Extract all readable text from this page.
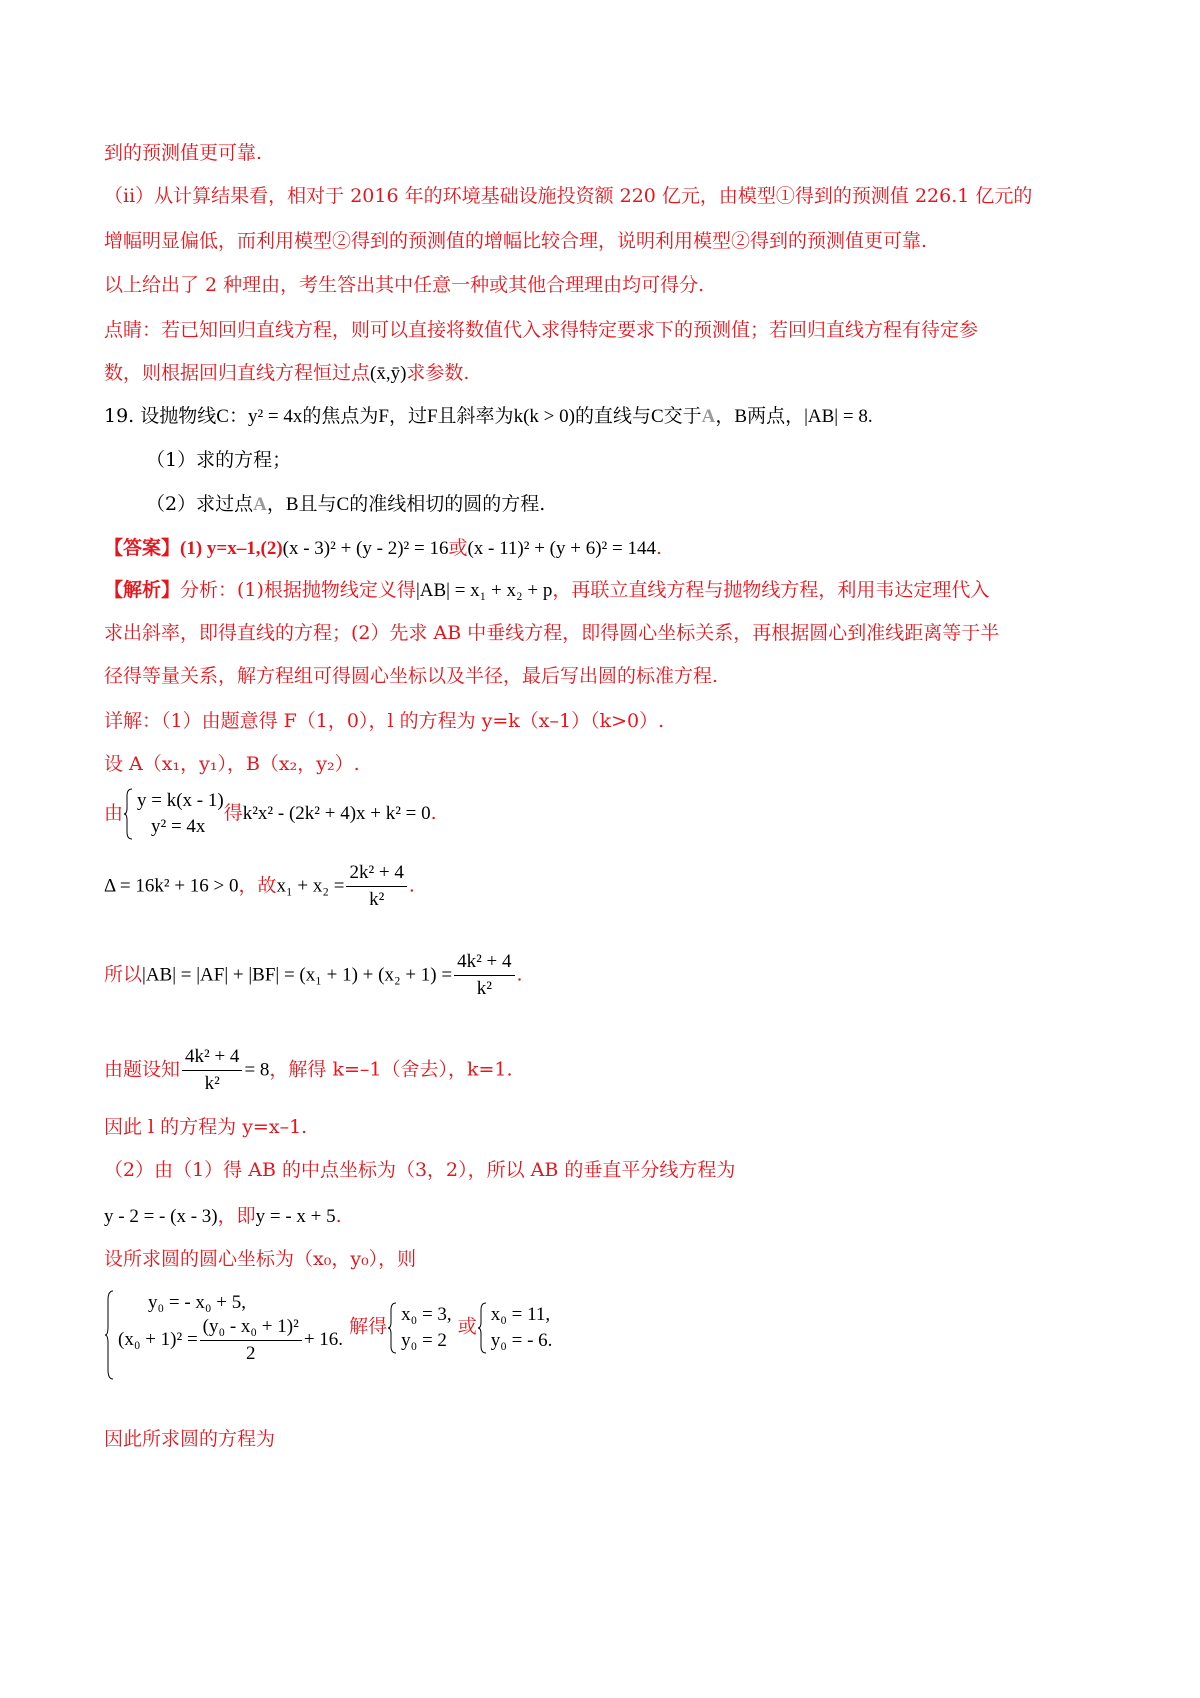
到的预测值更可靠.
（ii）从计算结果看，相对于 2016 年的环境基础设施投资额 220 亿元，由模型①得到的预测值 226.1 亿元的
增幅明显偏低，而利用模型②得到的预测值的增幅比较合理，说明利用模型②得到的预测值更可靠.
以上给出了 2 种理由，考生答出其中任意一种或其他合理理由均可得分.
点睛：若已知回归直线方程，则可以直接将数值代入求得特定要求下的预测值；若回归直线方程有待定参
数，则根据回归直线方程恒过点(x̄,ȳ)求参数.
19. 设抛物线C：y² = 4x的焦点为F，过F且斜率为k(k > 0)的直线与C交于A，B两点，|AB| = 8.
（1）求的方程；
（2）求过点A，B且与C的准线相切的圆的方程.
【答案】(1) y=x–1,(2)(x - 3)² + (y - 2)² = 16或(x - 11)² + (y + 6)² = 144.
【解析】分析：(1)根据抛物线定义得|AB| = x₁ + x₂ + p，再联立直线方程与抛物线方程，利用韦达定理代入
求出斜率，即得直线的方程；(2）先求 AB 中垂线方程，即得圆心坐标关系，再根据圆心到准线距离等于半
径得等量关系，解方程组可得圆心坐标以及半径，最后写出圆的标准方程.
详解：（1）由题意得 F（1，0），l 的方程为 y=k（x–1）（k>0）.
设 A（x₁，y₁），B（x₂，y₂）.
由
y = k(x - 1)
y² = 4x
得k²x² - (2k² + 4)x + k² = 0.
Δ = 16k² + 16 > 0，故$x_1 + x_2 = \frac{\text{2k² + 4}}{\text{k²}}$ .
所以$|AB| = |AF| + |BF| = (x_1 + 1) + (x_2 + 1) = \frac{\text{4k² + 4}}{\text{k²}}$ .
由题设知 $\frac{\text{4k² + 4}}{\text{k²}} = 8$，解得 k=–1（舍去），k=1.
因此 l 的方程为 y=x–1.
（2）由（1）得 AB 的中点坐标为（3，2），所以 AB 的垂直平分线方程为
y - 2 = - (x - 3)，即y = - x + 5.
设所求圆的圆心坐标为（x₀，y₀），则
y₀ = - x₀ + 5,
$(x_0 + 1)^2 = \frac{\text{(y₀ - x₀ + 1)²}}{2} + 16$.
解得
x₀ = 3,
y₀ = 2
或
x₀ = 11,
y₀ = - 6.
因此所求圆的方程为
